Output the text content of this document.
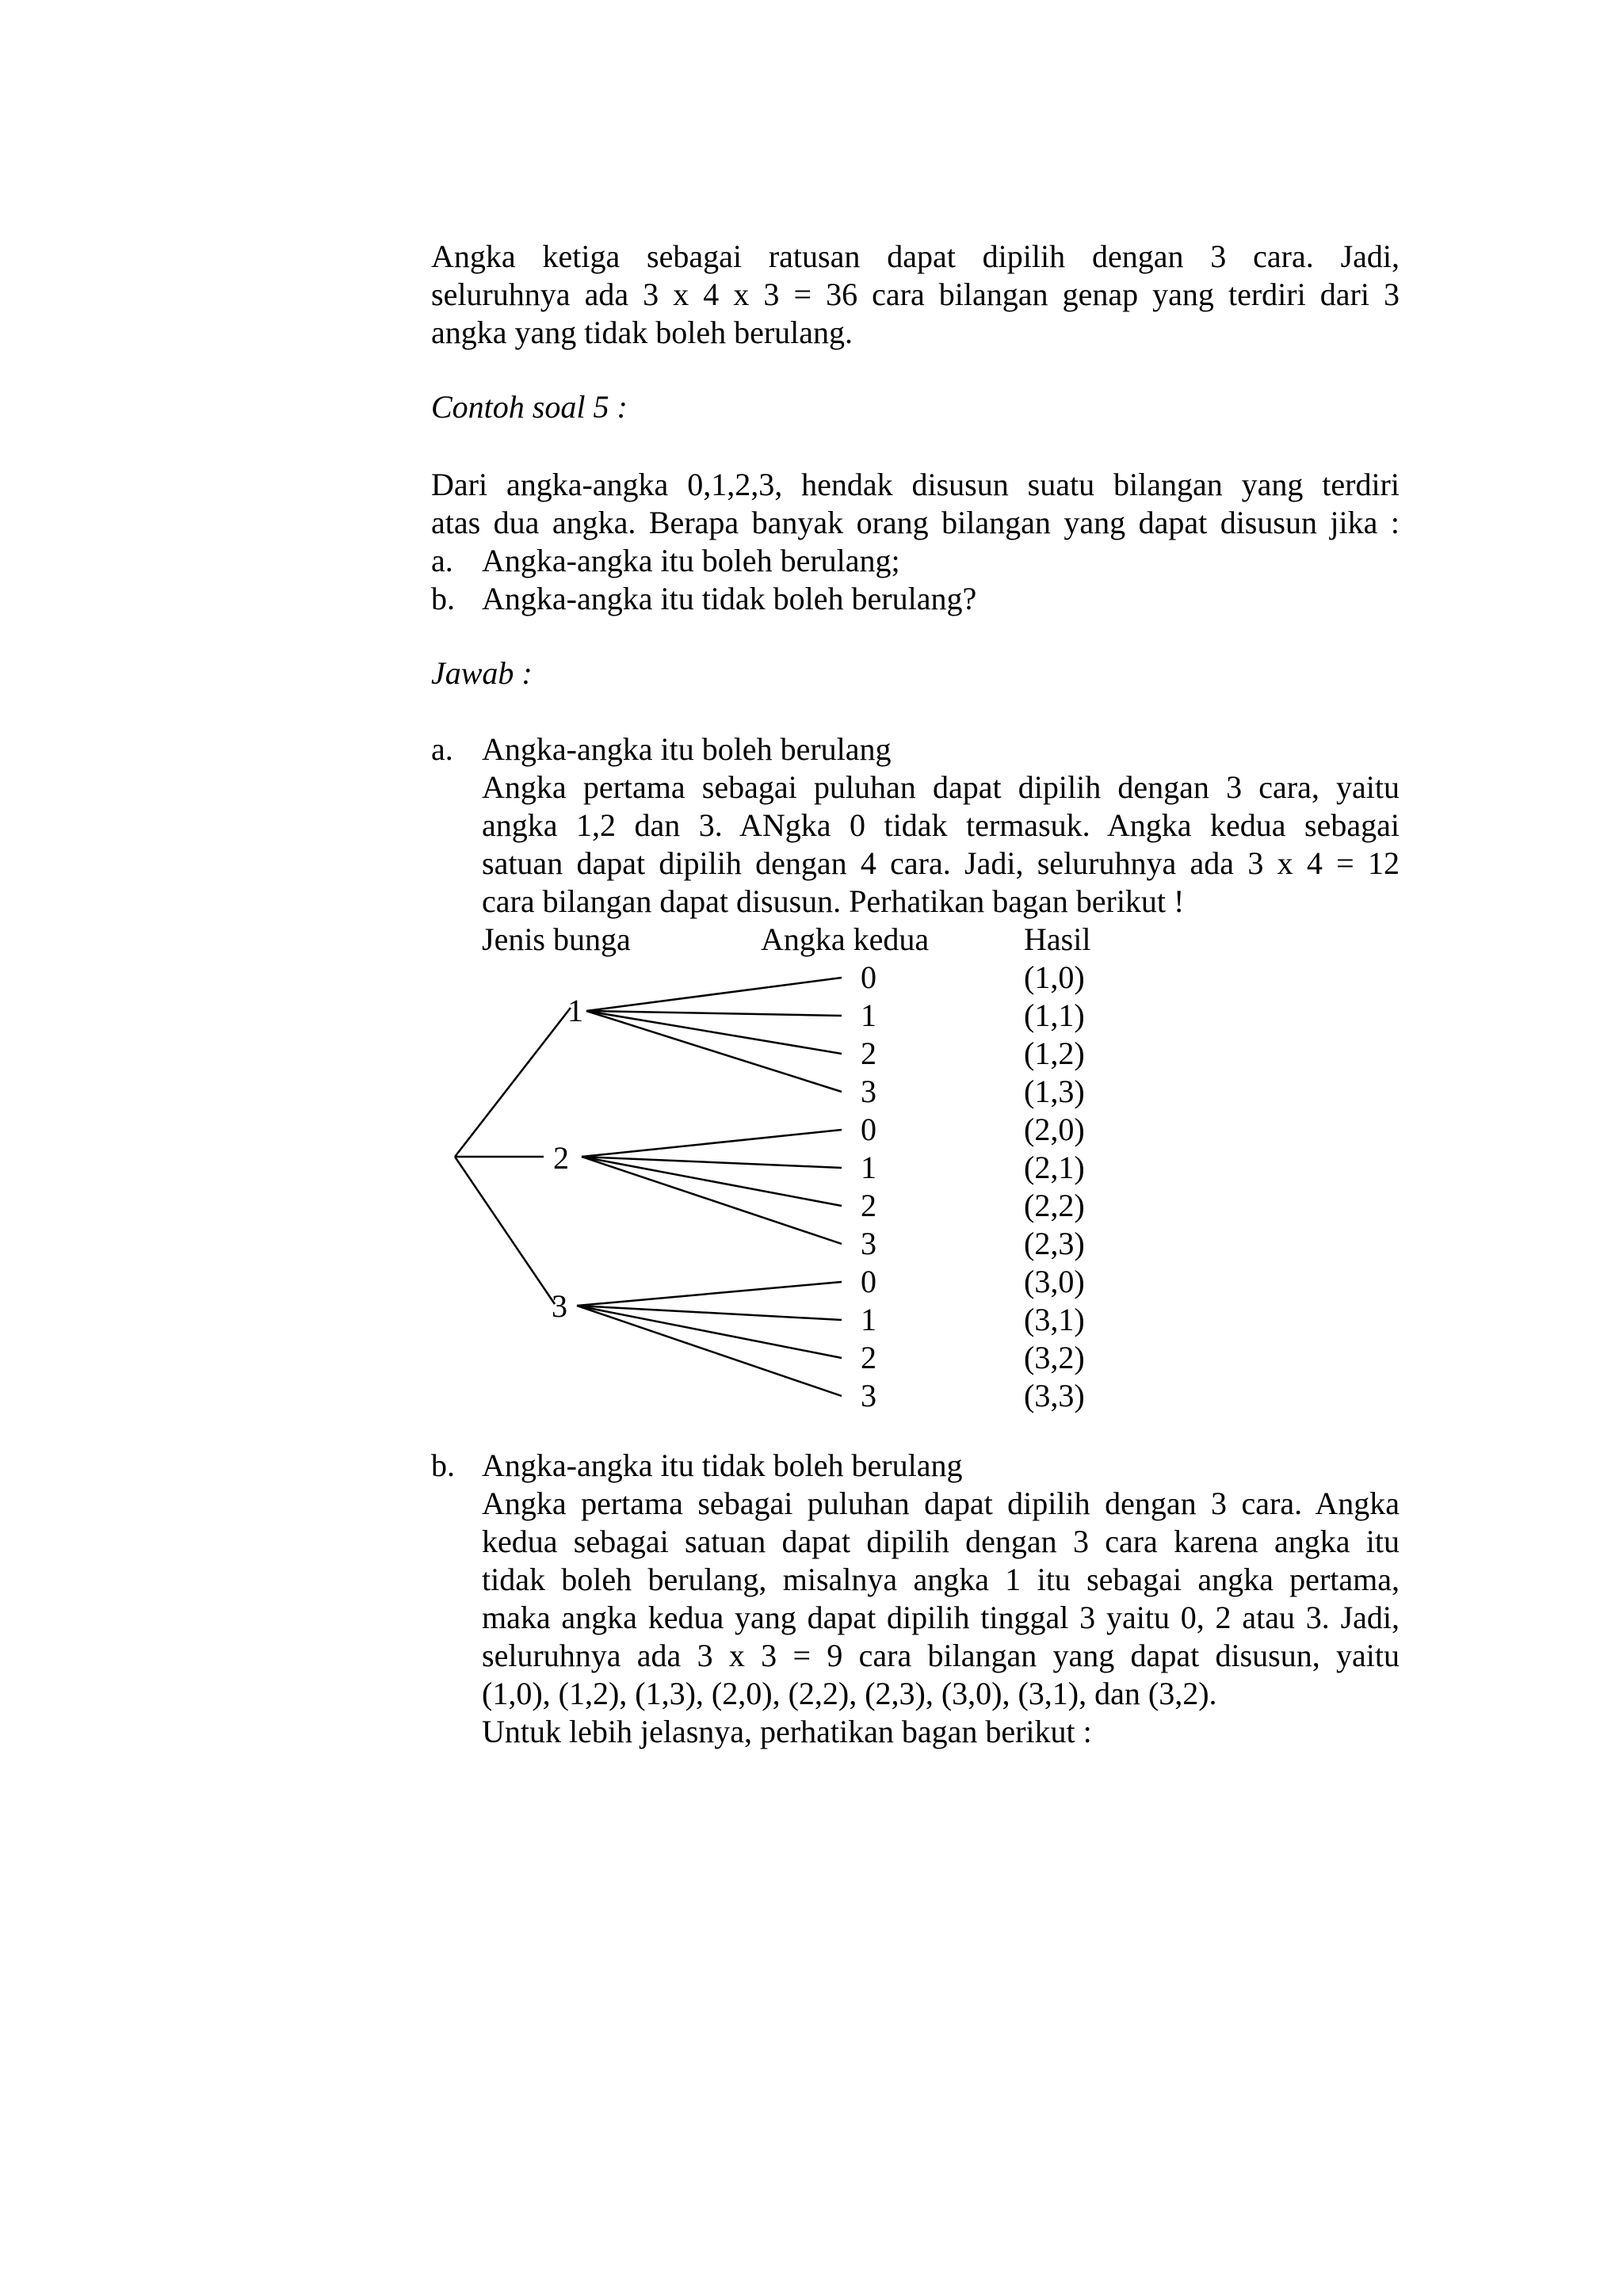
Angka ketiga sebagai ratusan dapat dipilih dengan 3 cara. Jadi,
seluruhnya ada 3 x 4 x 3 = 36 cara bilangan genap yang terdiri dari 3
angka yang tidak boleh berulang.
Contoh soal 5 :
Dari angka-angka 0,1,2,3, hendak disusun suatu bilangan yang terdiri
atas dua angka. Berapa banyak orang bilangan yang dapat disusun jika :
a. Angka-angka itu boleh berulang;
b. Angka-angka itu tidak boleh berulang?
Jawab :
a. Angka-angka itu boleh berulang
Angka pertama sebagai puluhan dapat dipilih dengan 3 cara, yaitu
angka 1,2 dan 3. ANgka 0 tidak termasuk. Angka kedua sebagai
satuan dapat dipilih dengan 4 cara. Jadi, seluruhnya ada 3 x 4 = 12
cara bilangan dapat disusun. Perhatikan bagan berikut !
Jenis bunga	Angka kedua	Hasil
1
2
3
0
1
2
3
0
1
2
3
0
1
2
3
(1,0)
(1,1)
(1,2)
(1,3)
(2,0)
(2,1)
(2,2)
(2,3)
(3,0)
(3,1)
(3,2)
(3,3)
b. Angka-angka itu tidak boleh berulang
Angka pertama sebagai puluhan dapat dipilih dengan 3 cara. Angka
kedua sebagai satuan dapat dipilih dengan 3 cara karena angka itu
tidak boleh berulang, misalnya angka 1 itu sebagai angka pertama,
maka angka kedua yang dapat dipilih tinggal 3 yaitu 0, 2 atau 3. Jadi,
seluruhnya ada 3 x 3 = 9 cara bilangan yang dapat disusun, yaitu
(1,0), (1,2), (1,3), (2,0), (2,2), (2,3), (3,0), (3,1), dan (3,2).
Untuk lebih jelasnya, perhatikan bagan berikut :
